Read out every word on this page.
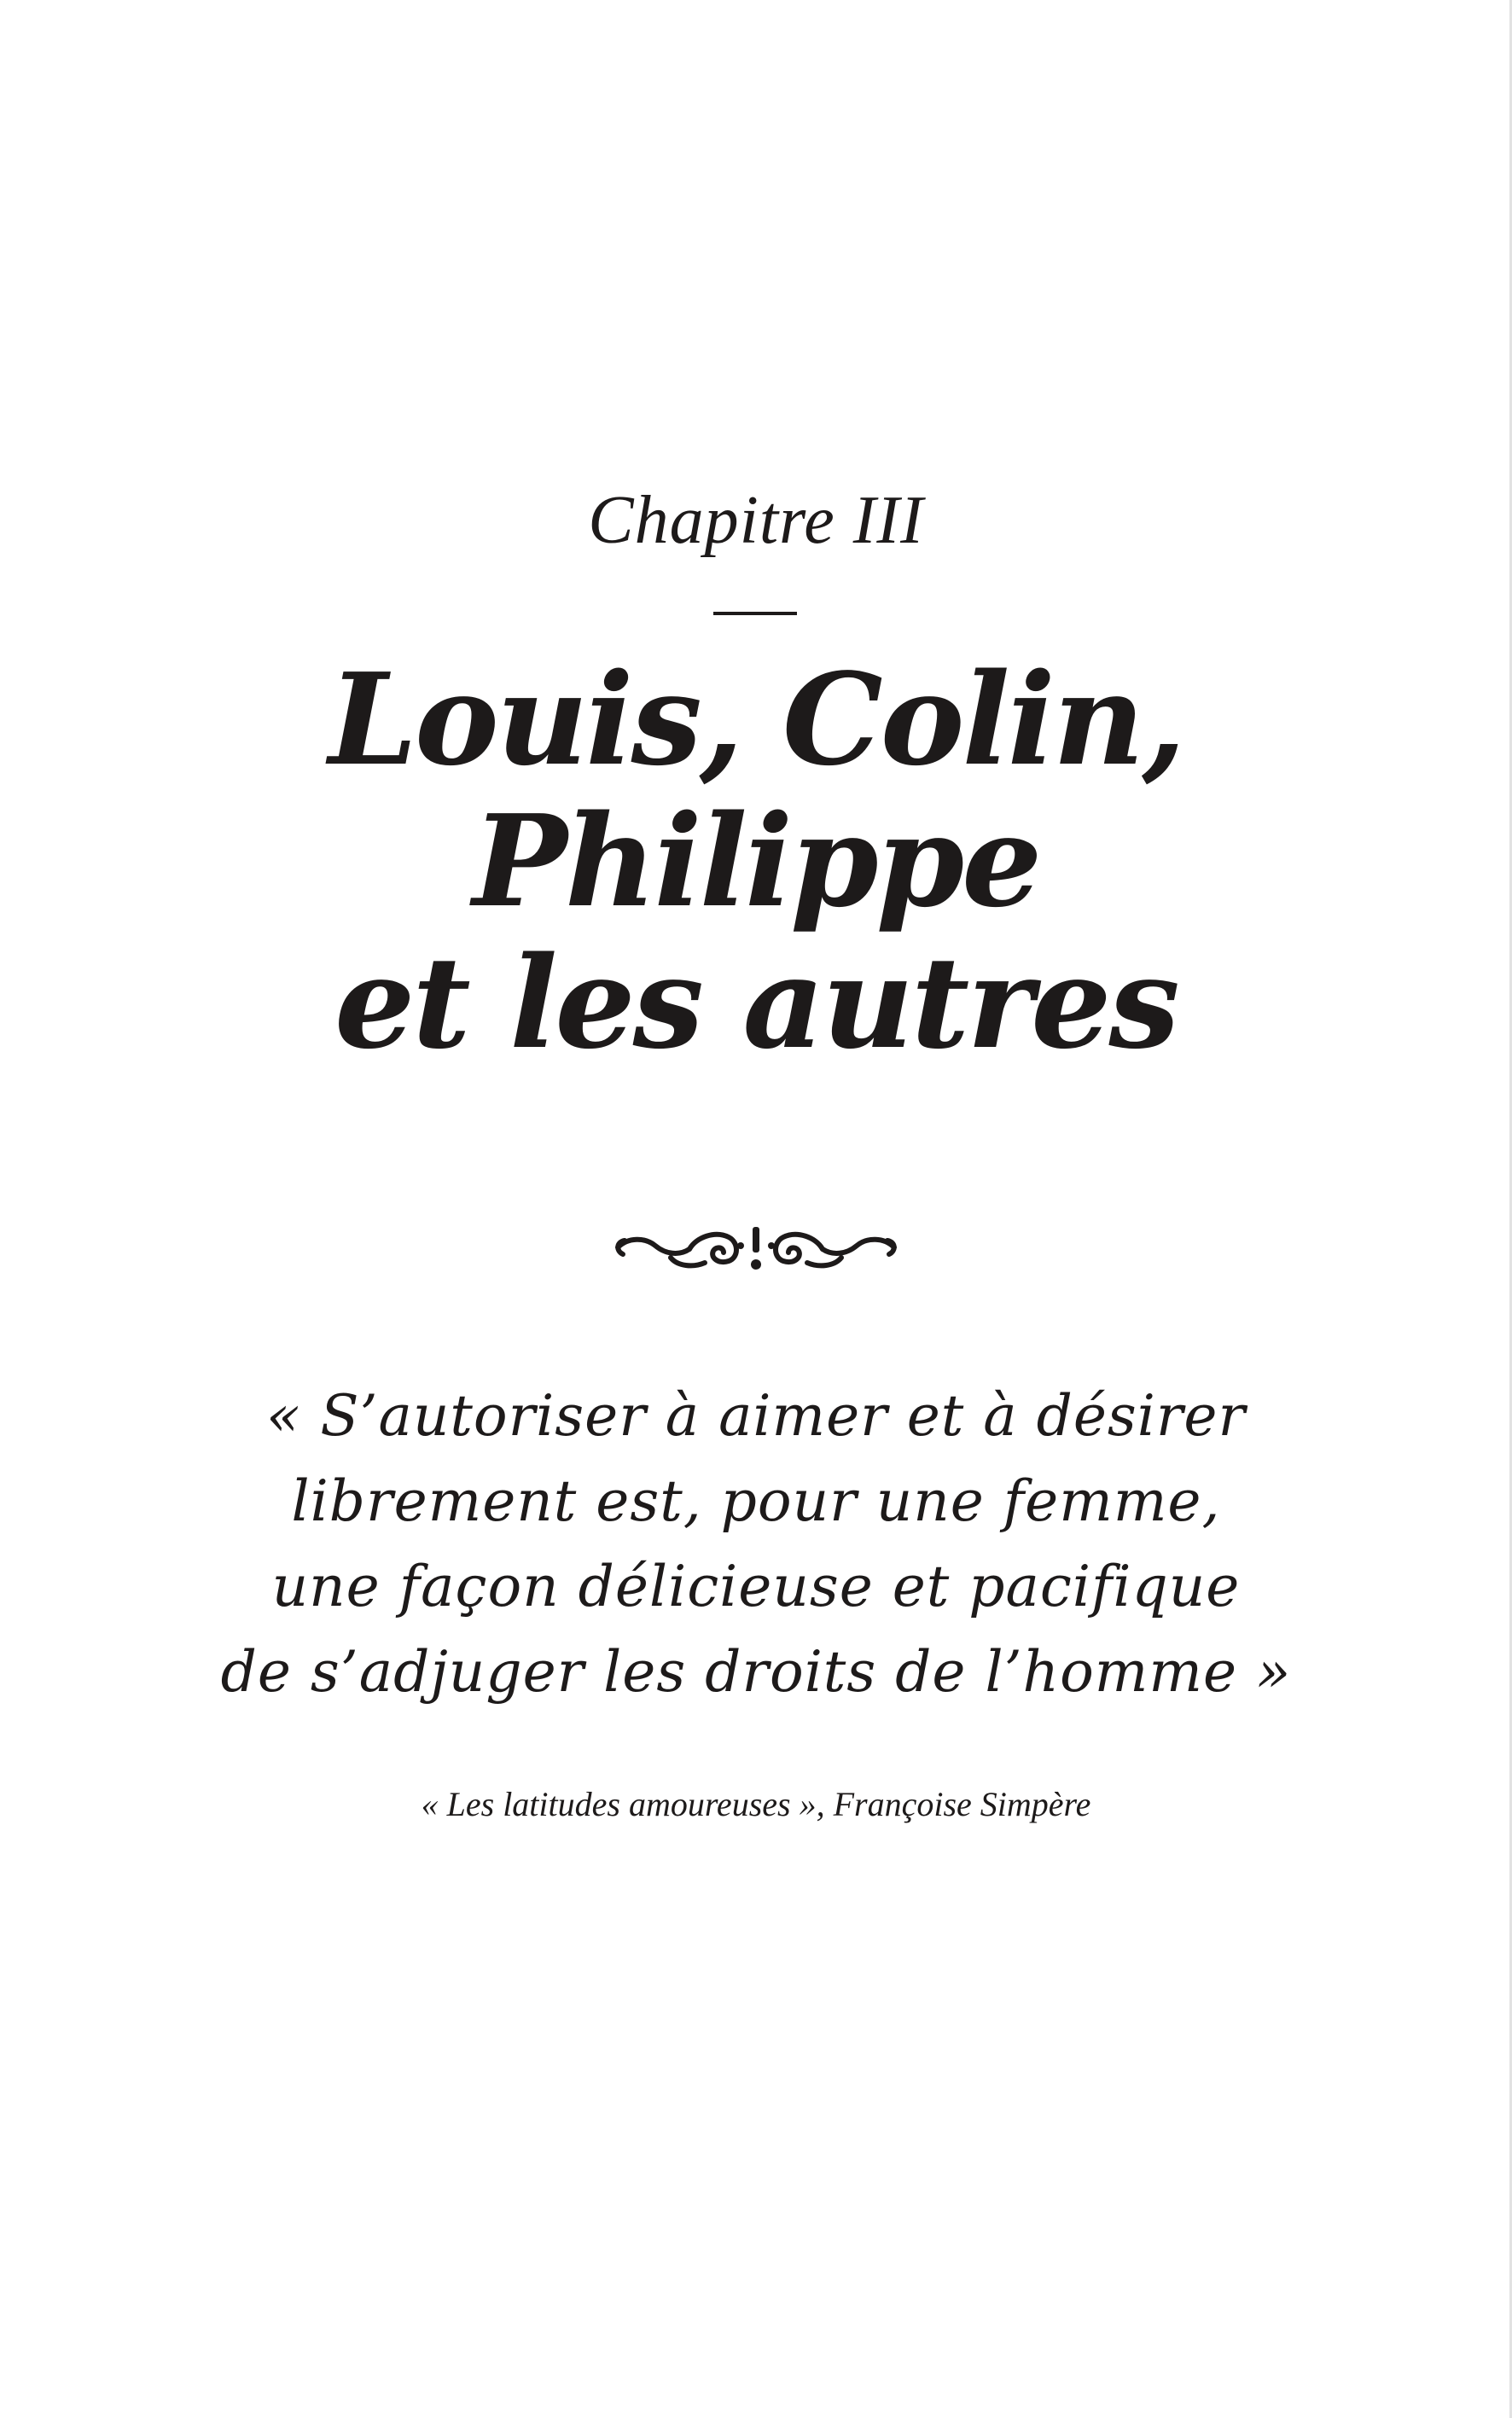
Chapitre III
Louis, Colin,
Philippe
et les autres
« S’autoriser à aimer et à désirer
librement est, pour une femme,
une façon délicieuse et pacifique
de s’adjuger les droits de l’homme »
« Les latitudes amoureuses », Françoise Simpère
